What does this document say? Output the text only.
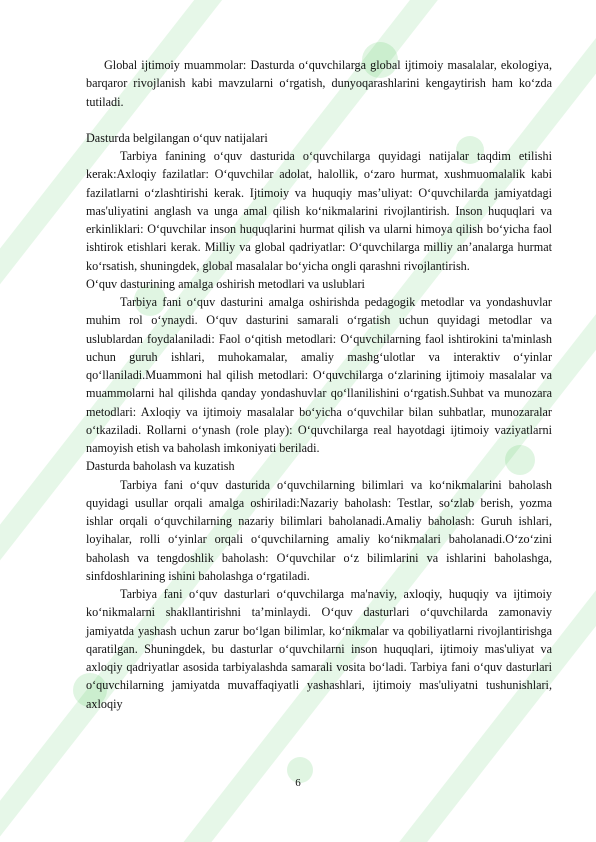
Global ijtimoiy muammolar: Dasturda o‘quvchilarga global ijtimoiy masalalar, ekologiya, barqaror rivojlanish kabi mavzularni o‘rgatish, dunyoqarashlarini kengaytirish ham ko‘zda tutiladi.

Dasturda belgilangan o‘quv natijalari

Tarbiya fanining o‘quv dasturida o‘quvchilarga quyidagi natijalar taqdim etilishi kerak:Axloqiy fazilatlar: O‘quvchilar adolat, halollik, o‘zaro hurmat, xushmuomalalik kabi fazilatlarni o‘zlashtirishi kerak. Ijtimoiy va huquqiy mas’uliyat: O‘quvchilarda jamiyatdagi mas'uliyatini anglash va unga amal qilish ko‘nikmalarini rivojlantirish. Inson huquqlari va erkinliklari: O‘quvchilar inson huquqlarini hurmat qilish va ularni himoya qilish bo‘yicha faol ishtirok etishlari kerak. Milliy va global qadriyatlar: O‘quvchilarga milliy an’analarga hurmat ko‘rsatish, shuningdek, global masalalar bo‘yicha ongli qarashni rivojlantirish.

O‘quv dasturining amalga oshirish metodlari va uslublari

Tarbiya fani o‘quv dasturini amalga oshirishda pedagogik metodlar va yondashuvlar muhim rol o‘ynaydi. O‘quv dasturini samarali o‘rgatish uchun quyidagi metodlar va uslublardan foydalaniladi: Faol o‘qitish metodlari: O‘quvchilarning faol ishtirokini ta'minlash uchun guruh ishlari, muhokamalar, amaliy mashg‘ulotlar va interaktiv o‘yinlar qo‘llaniladi.Muammoni hal qilish metodlari: O‘quvchilarga o‘zlarining ijtimoiy masalalar va muammolarni hal qilishda qanday yondashuvlar qo‘llanilishini o‘rgatish.Suhbat va munozara metodlari: Axloqiy va ijtimoiy masalalar bo‘yicha o‘quvchilar bilan suhbatlar, munozaralar o‘tkaziladi. Rollarni o‘ynash (role play): O‘quvchilarga real hayotdagi ijtimoiy vaziyatlarni namoyish etish va baholash imkoniyati beriladi.

Dasturda baholash va kuzatish

Tarbiya fani o‘quv dasturida o‘quvchilarning bilimlari va ko‘nikmalarini baholash quyidagi usullar orqali amalga oshiriladi:Nazariy baholash: Testlar, so‘zlab berish, yozma ishlar orqali o‘quvchilarning nazariy bilimlari baholanadi.Amaliy baholash: Guruh ishlari, loyihalar, rolli o‘yinlar orqali o‘quvchilarning amaliy ko‘nikmalari baholanadi.O‘zo‘zini baholash va tengdoshlik baholash: O‘quvchilar o‘z bilimlarini va ishlarini baholashga, sinfdoshlarining ishini baholashga o‘rgatiladi.

Tarbiya fani o‘quv dasturlari o‘quvchilarga ma'naviy, axloqiy, huquqiy va ijtimoiy ko‘nikmalarni shakllantirishni ta’minlaydi. O‘quv dasturlari o‘quvchilarda zamonaviy jamiyatda yashash uchun zarur bo‘lgan bilimlar, ko‘nikmalar va qobiliyatlarni rivojlantirishga qaratilgan. Shuningdek, bu dasturlar o‘quvchilarni inson huquqlari, ijtimoiy mas'uliyat va axloqiy qadriyatlar asosida tarbiyalashda samarali vosita bo‘ladi. Tarbiya fani o‘quv dasturlari o‘quvchilarning jamiyatda muvaffaqiyatli yashashlari, ijtimoiy mas'uliyatni tushunishlari, axloqiy

6
